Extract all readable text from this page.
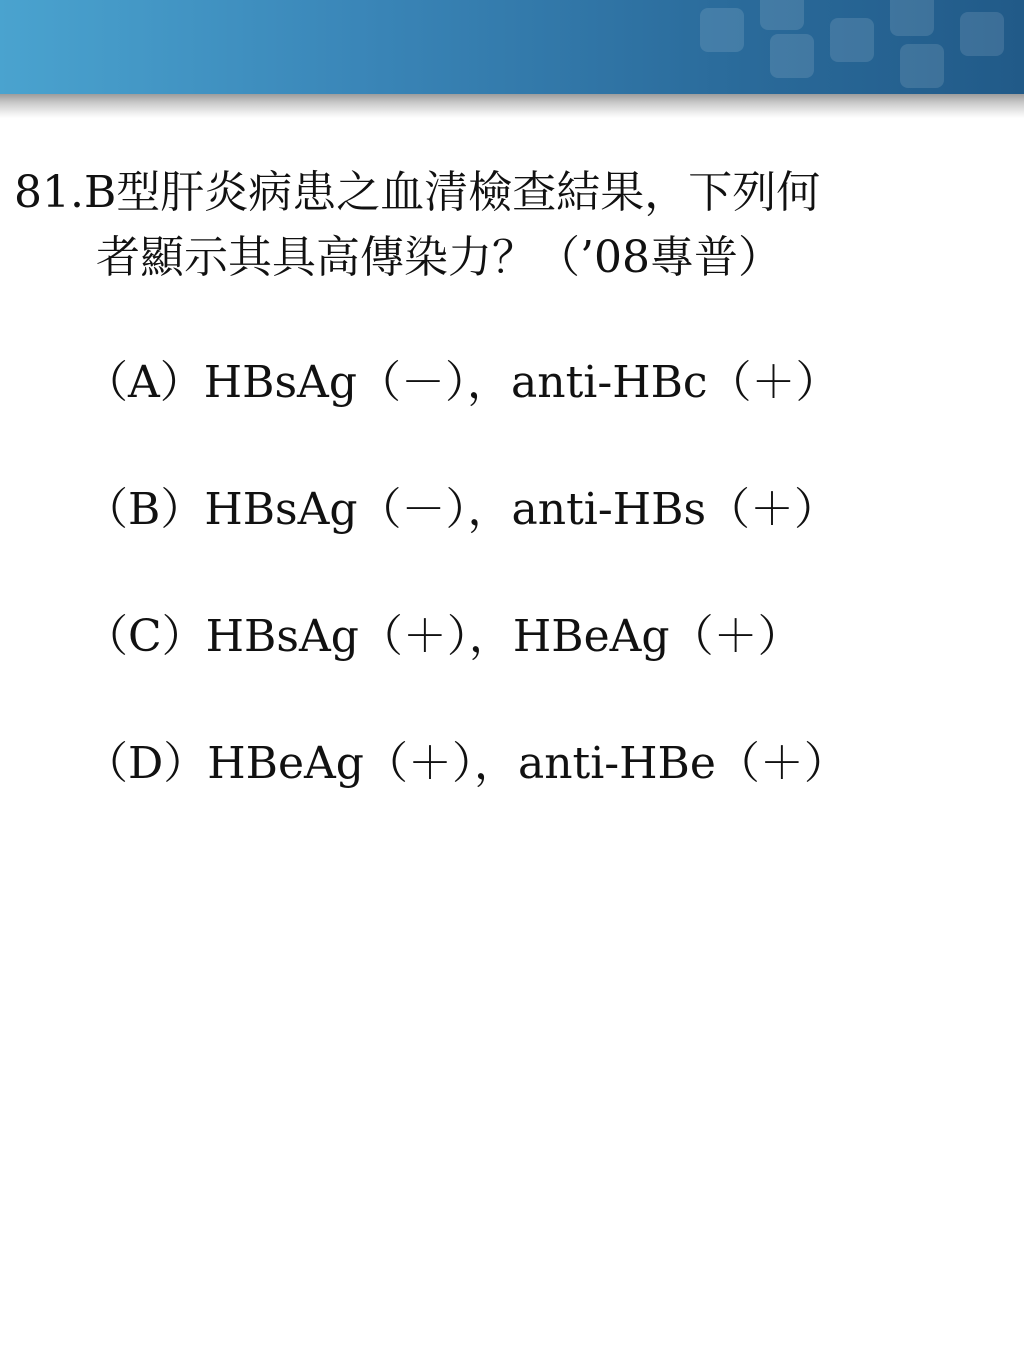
81.B型肝炎病患之血清檢查結果，下列何
者顯示其具高傳染力？（’08專普）
（A）HBsAg（－），anti-HBc（＋）
（B）HBsAg（－），anti-HBs（＋）
（C）HBsAg（＋），HBeAg（＋）
（D）HBeAg（＋），anti-HBe（＋）
